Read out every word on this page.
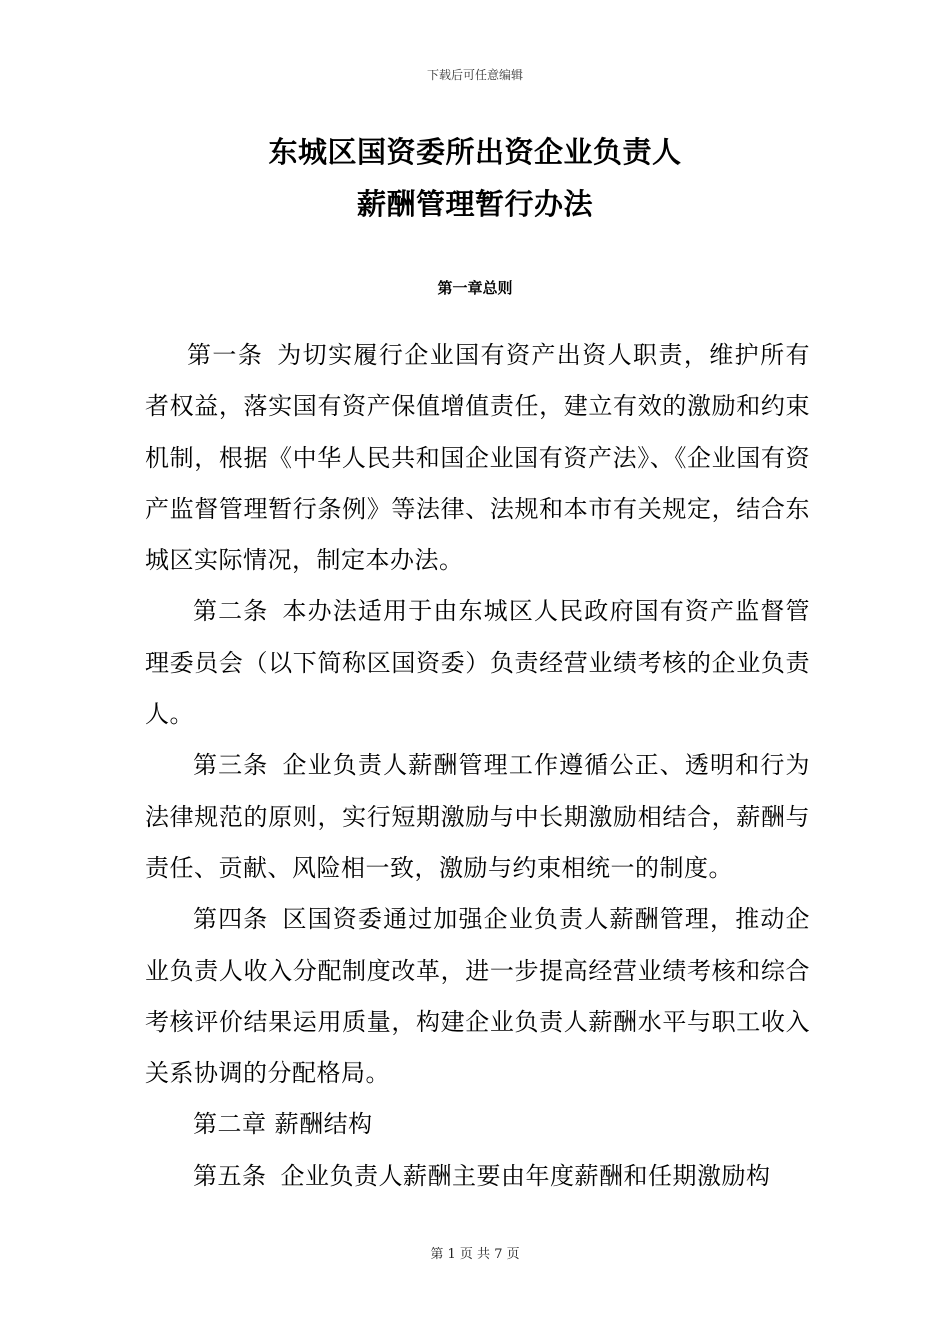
下载后可任意编辑
东城区国资委所出资企业负责人
薪酬管理暂行办法
第一章总则

第一条 为切实履行企业国有资产出资人职责，维护所有者权益，落实国有资产保值增值责任，建立有效的激励和约束机制，根据《中华人民共和国企业国有资产法》、《企业国有资产监督管理暂行条例》等法律、法规和本市有关规定，结合东城区实际情况，制定本办法。

第二条 本办法适用于由东城区人民政府国有资产监督管理委员会（以下简称区国资委）负责经营业绩考核的企业负责人。

第三条 企业负责人薪酬管理工作遵循公正、透明和行为法律规范的原则，实行短期激励与中长期激励相结合，薪酬与责任、贡献、风险相一致，激励与约束相统一的制度。

第四条 区国资委通过加强企业负责人薪酬管理，推动企业负责人收入分配制度改革，进一步提高经营业绩考核和综合考核评价结果运用质量，构建企业负责人薪酬水平与职工收入关系协调的分配格局。

第二章 薪酬结构

第五条 企业负责人薪酬主要由年度薪酬和任期激励构

第 1 页 共 7 页
